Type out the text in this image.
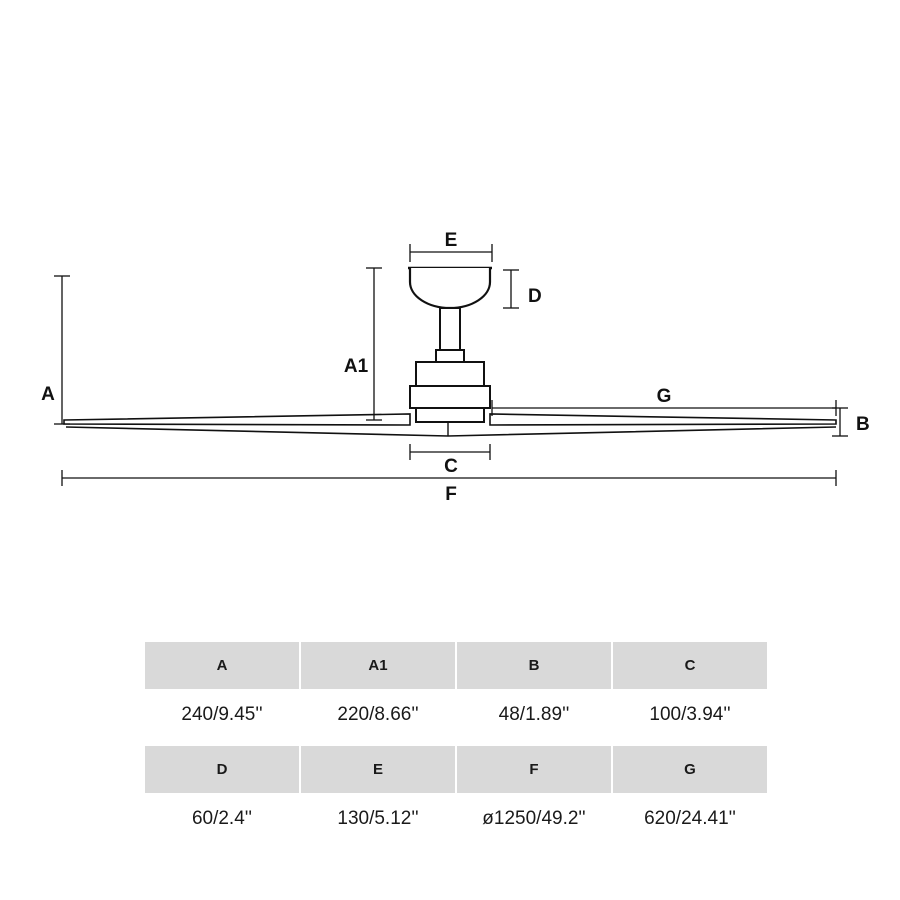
A
A1
E
D
G
B
C
F
A	A1	B	C
240/9.45''	220/8.66''	48/1.89''	100/3.94''

D	E	F	G
60/2.4''	130/5.12''	ø1250/49.2''	620/24.41''
